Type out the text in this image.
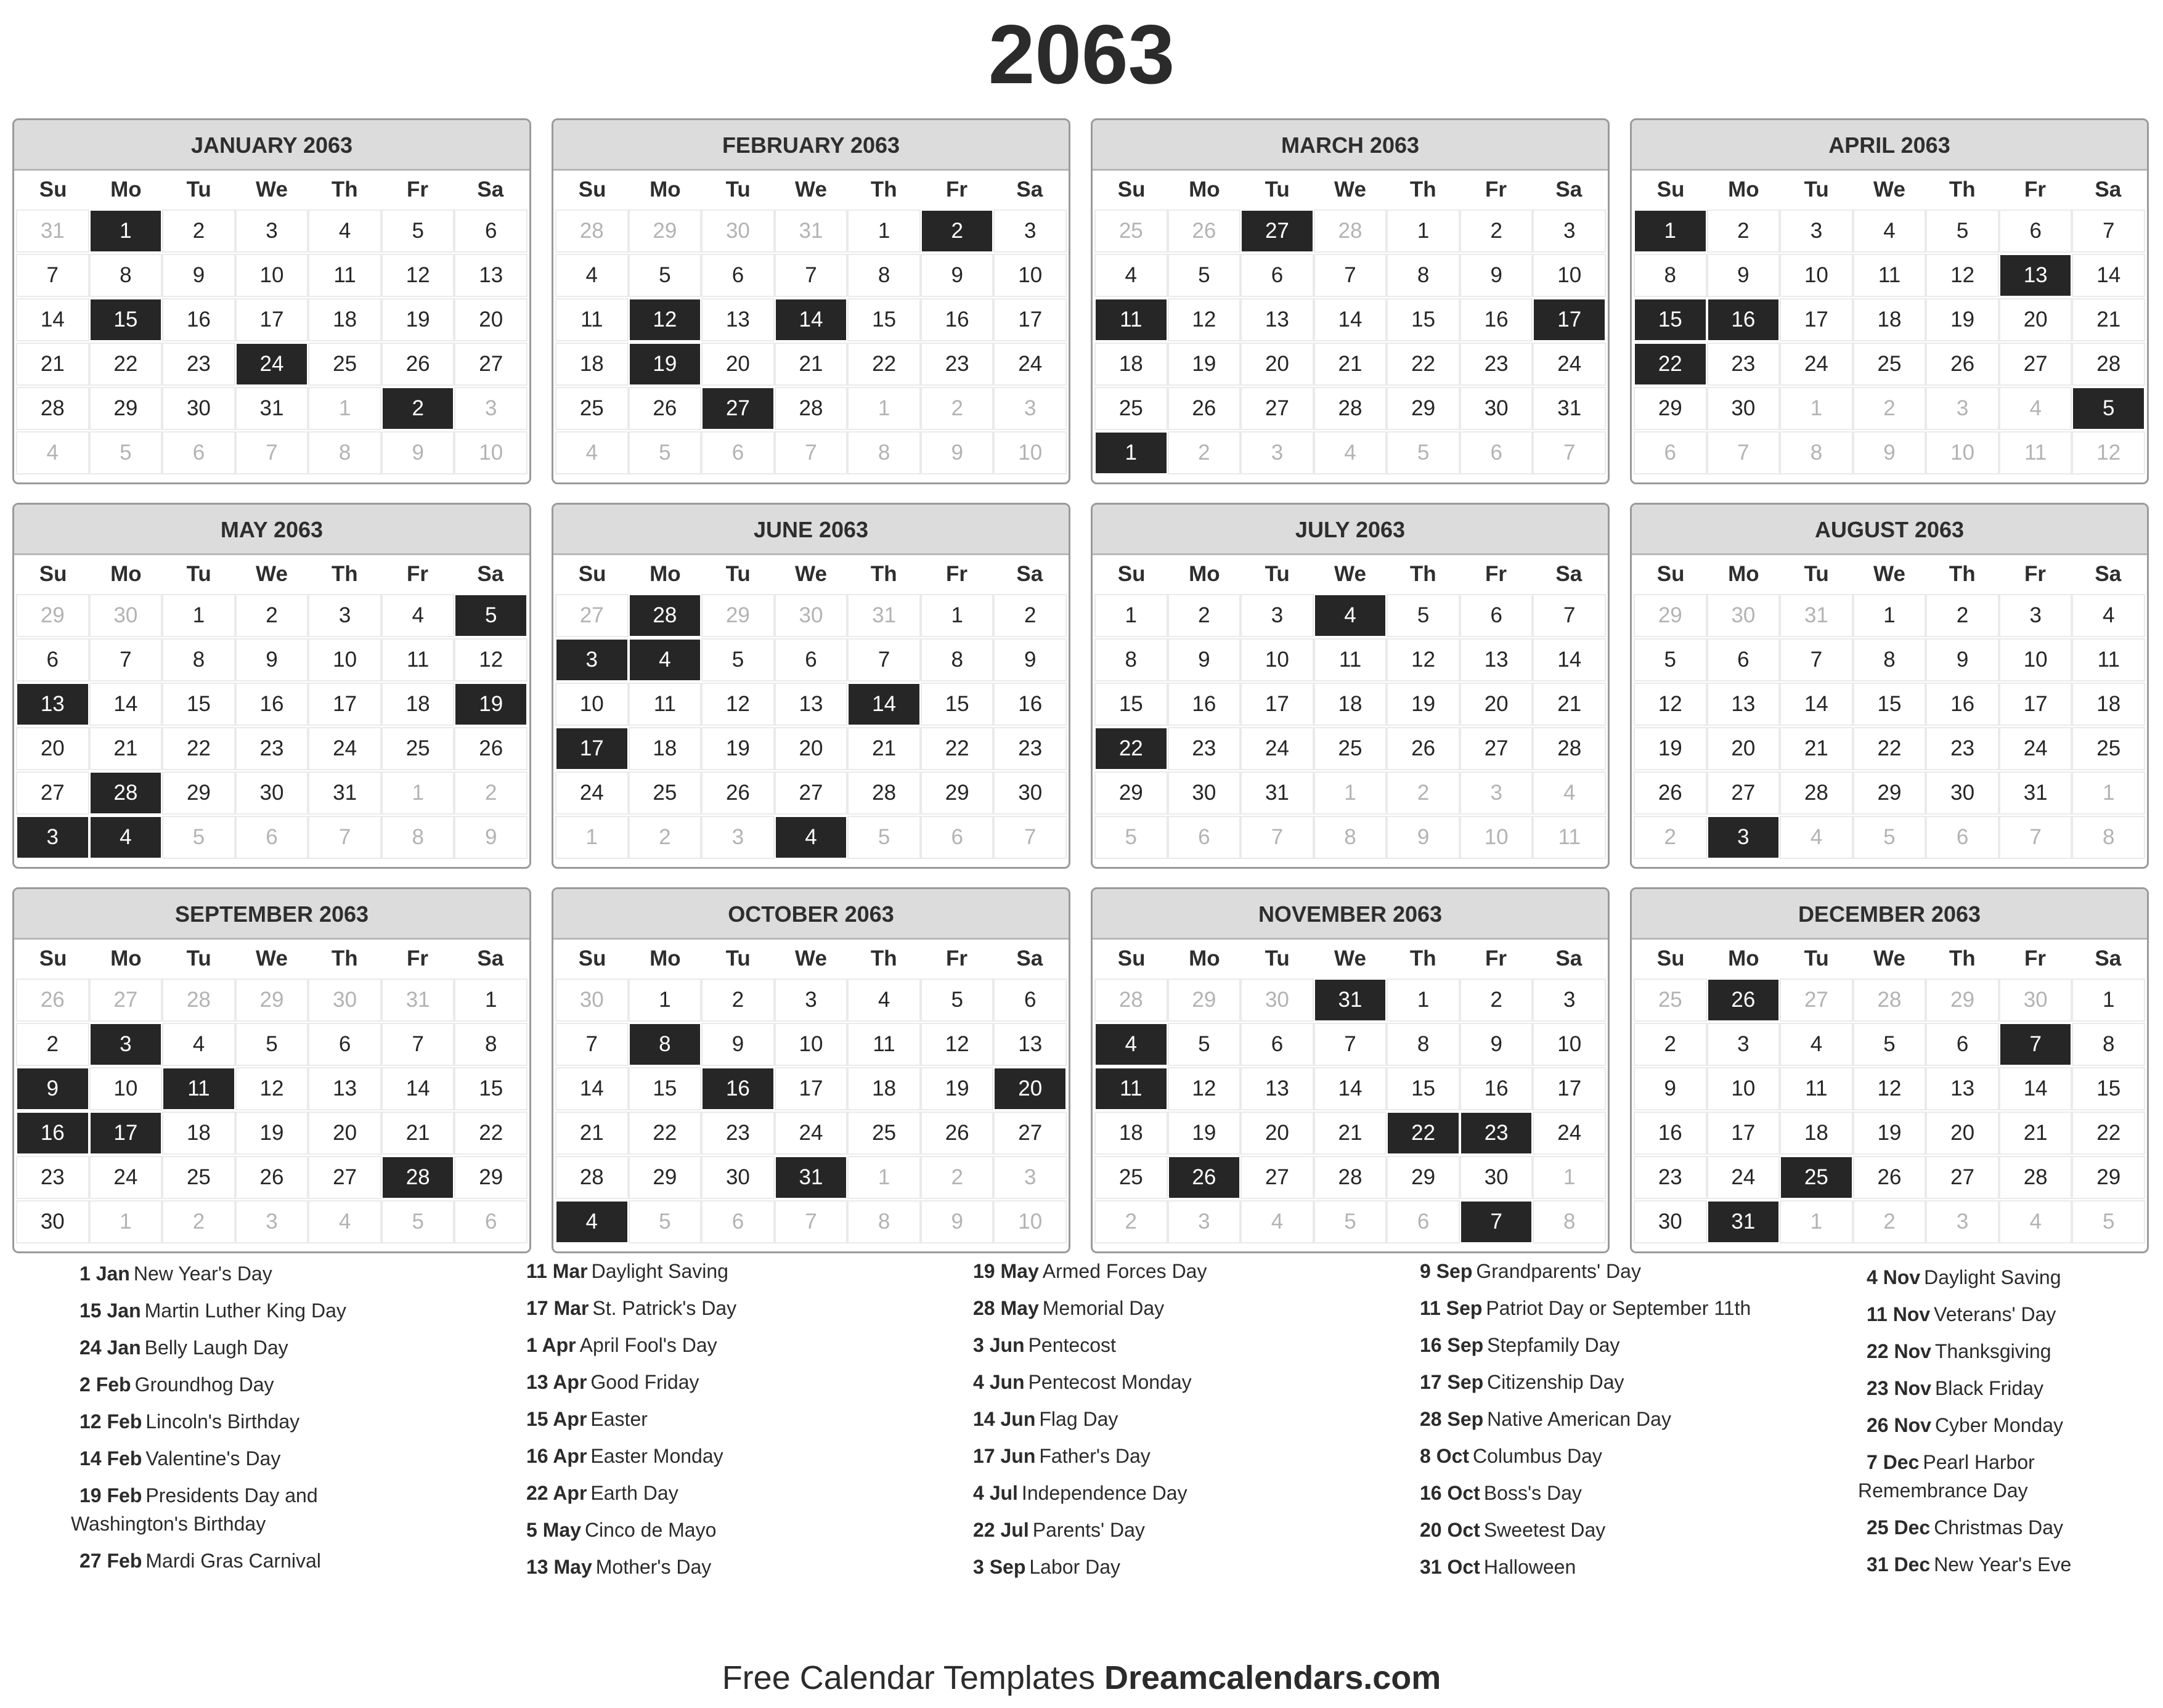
2063
JANUARY 2063
Su	Mo	Tu	We	Th	Fr	Sa
31	1	2	3	4	5	6
7	8	9	10	11	12	13
14	15	16	17	18	19	20
21	22	23	24	25	26	27
28	29	30	31	1	2	3
4	5	6	7	8	9	10
FEBRUARY 2063
Su	Mo	Tu	We	Th	Fr	Sa
28	29	30	31	1	2	3
4	5	6	7	8	9	10
11	12	13	14	15	16	17
18	19	20	21	22	23	24
25	26	27	28	1	2	3
4	5	6	7	8	9	10
MARCH 2063
Su	Mo	Tu	We	Th	Fr	Sa
25	26	27	28	1	2	3
4	5	6	7	8	9	10
11	12	13	14	15	16	17
18	19	20	21	22	23	24
25	26	27	28	29	30	31
1	2	3	4	5	6	7
APRIL 2063
Su	Mo	Tu	We	Th	Fr	Sa
1	2	3	4	5	6	7
8	9	10	11	12	13	14
15	16	17	18	19	20	21
22	23	24	25	26	27	28
29	30	1	2	3	4	5
6	7	8	9	10	11	12
MAY 2063
Su	Mo	Tu	We	Th	Fr	Sa
29	30	1	2	3	4	5
6	7	8	9	10	11	12
13	14	15	16	17	18	19
20	21	22	23	24	25	26
27	28	29	30	31	1	2
3	4	5	6	7	8	9
JUNE 2063
Su	Mo	Tu	We	Th	Fr	Sa
27	28	29	30	31	1	2
3	4	5	6	7	8	9
10	11	12	13	14	15	16
17	18	19	20	21	22	23
24	25	26	27	28	29	30
1	2	3	4	5	6	7
JULY 2063
Su	Mo	Tu	We	Th	Fr	Sa
1	2	3	4	5	6	7
8	9	10	11	12	13	14
15	16	17	18	19	20	21
22	23	24	25	26	27	28
29	30	31	1	2	3	4
5	6	7	8	9	10	11
AUGUST 2063
Su	Mo	Tu	We	Th	Fr	Sa
29	30	31	1	2	3	4
5	6	7	8	9	10	11
12	13	14	15	16	17	18
19	20	21	22	23	24	25
26	27	28	29	30	31	1
2	3	4	5	6	7	8
SEPTEMBER 2063
Su	Mo	Tu	We	Th	Fr	Sa
26	27	28	29	30	31	1
2	3	4	5	6	7	8
9	10	11	12	13	14	15
16	17	18	19	20	21	22
23	24	25	26	27	28	29
30	1	2	3	4	5	6
OCTOBER 2063
Su	Mo	Tu	We	Th	Fr	Sa
30	1	2	3	4	5	6
7	8	9	10	11	12	13
14	15	16	17	18	19	20
21	22	23	24	25	26	27
28	29	30	31	1	2	3
4	5	6	7	8	9	10
NOVEMBER 2063
Su	Mo	Tu	We	Th	Fr	Sa
28	29	30	31	1	2	3
4	5	6	7	8	9	10
11	12	13	14	15	16	17
18	19	20	21	22	23	24
25	26	27	28	29	30	1
2	3	4	5	6	7	8
DECEMBER 2063
Su	Mo	Tu	We	Th	Fr	Sa
25	26	27	28	29	30	1
2	3	4	5	6	7	8
9	10	11	12	13	14	15
16	17	18	19	20	21	22
23	24	25	26	27	28	29
30	31	1	2	3	4	5
1 Jan New Year's Day
15 Jan Martin Luther King Day
24 Jan Belly Laugh Day
2 Feb Groundhog Day
12 Feb Lincoln's Birthday
14 Feb Valentine's Day
19 Feb Presidents Day and Washington's Birthday
27 Feb Mardi Gras Carnival
11 Mar Daylight Saving
17 Mar St. Patrick's Day
1 Apr April Fool's Day
13 Apr Good Friday
15 Apr Easter
16 Apr Easter Monday
22 Apr Earth Day
5 May Cinco de Mayo
13 May Mother's Day
19 May Armed Forces Day
28 May Memorial Day
3 Jun Pentecost
4 Jun Pentecost Monday
14 Jun Flag Day
17 Jun Father's Day
4 Jul Independence Day
22 Jul Parents' Day
3 Sep Labor Day
9 Sep Grandparents' Day
11 Sep Patriot Day or September 11th
16 Sep Stepfamily Day
17 Sep Citizenship Day
28 Sep Native American Day
8 Oct Columbus Day
16 Oct Boss's Day
20 Oct Sweetest Day
31 Oct Halloween
4 Nov Daylight Saving
11 Nov Veterans' Day
22 Nov Thanksgiving
23 Nov Black Friday
26 Nov Cyber Monday
7 Dec Pearl Harbor Remembrance Day
25 Dec Christmas Day
31 Dec New Year's Eve
Free Calendar Templates Dreamcalendars.com
